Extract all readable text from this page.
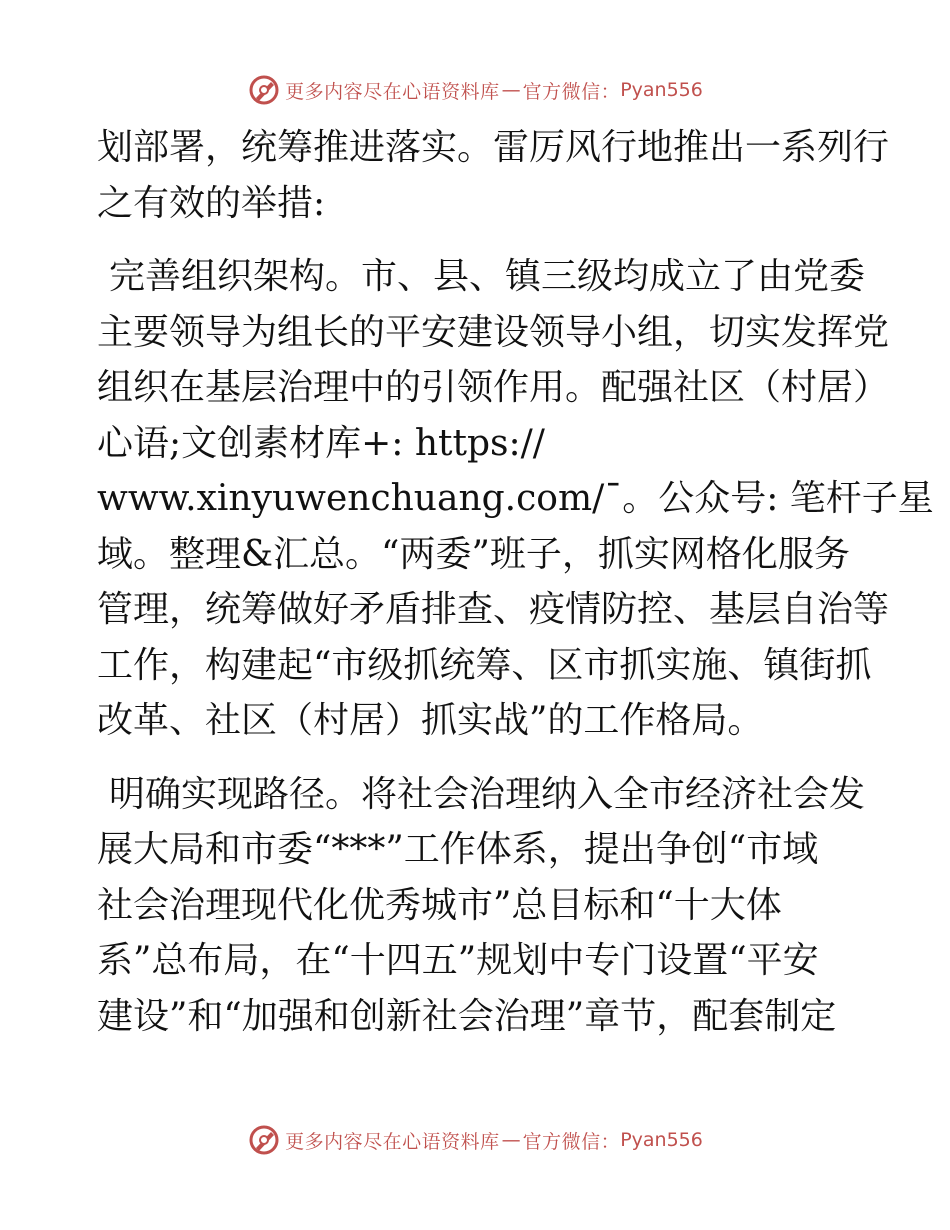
更多内容尽在心语资料库 — 官方微信： Pyan556
划部署，统筹推进落实。雷厉风行地推出一系列行
之有效的举措:
完善组织架构。市、县、镇三级均成立了由党委
主要领导为组长的平安建设领导小组，切实发挥党
组织在基层治理中的引领作用。配强社区（村居）
心语;文创素材库+: https://
www.xinyuwenchuang.com/¯。公众号: 笔杆子星
域。整理&汇总。“两委”班子，抓实网格化服务
管理，统筹做好矛盾排查、疫情防控、基层自治等
工作，构建起“市级抓统筹、区市抓实施、镇街抓
改革、社区（村居）抓实战”的工作格局。
明确实现路径。将社会治理纳入全市经济社会发
展大局和市委“***”工作体系，提出争创“市域
社会治理现代化优秀城市”总目标和“十大体
系”总布局，在“十四五”规划中专门设置“平安
建设”和“加强和创新社会治理”章节，配套制定
更多内容尽在心语资料库 — 官方微信： Pyan556
